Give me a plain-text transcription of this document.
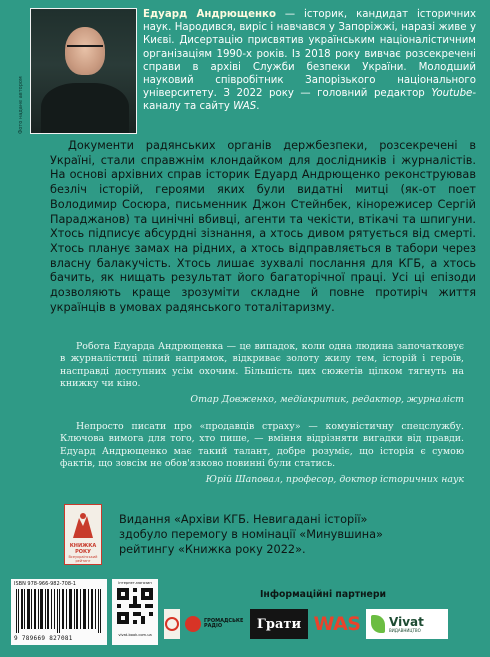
Фото надане автором
Едуард Андрющенко — історик, кандидат історичних наук. Народився, виріс і навчався у Запоріжжі, наразі живе у Києві. Дисертацію присвятив українським націоналістичним організаціям 1990-х років. Із 2018 року вивчає розсекречені справи в архіві Служби безпеки України. Молодший науковий співробітник Запорізького національного університету. З 2022 року — головний редактор Youtube-каналу та сайту WAS.

Документи радянських органів держбезпеки, розсекречені в Україні, стали справжнім клондайком для дослідників і журналістів. На основі архівних справ історик Едуард Андрющенко реконструював безліч історій, героями яких були видатні митці (як-от поет Володимир Сосюра, письменник Джон Стейнбек, кінорежисер Сергій Параджанов) та цинічні вбивці, агенти та чекісти, втікачі та шпигуни. Хтось підписує абсурдні зізнання, а хтось дивом рятується від смерті. Хтось планує замах на рідних, а хтось відправляється в табори через власну балакучість. Хтось лишає зухвалі послання для КГБ, а хтось бачить, як нищать результат його багаторічної праці. Усі ці епізоди дозволяють краще зрозуміти складне й повне протиріч життя українців в умовах радянського тоталітаризму.

Робота Едуарда Андрющенка — це випадок, коли одна людина започатковує в журналістиці цілий напрямок, відкриває золоту жилу тем, історій і героїв, насправді доступних усім охочим. Більшість цих сюжетів цілком тягнуть на книжку чи кіно.

Отар Довженко, медіакритик, редактор, журналіст

Непросто писати про «продавців страху» — комуністичну спецслужбу. Ключова вимога для того, хто пише, — вміння відрізняти вигадки від правди. Едуард Андрющенко має такий талант, добре розуміє, що історія є сумою фактів, що зовсім не обов'язково повинні були статись.

Юрій Шаповал, професор, доктор історичних наук
КНИЖКА РОКУ
Всеукраїнський рейтинг
Видання «Архіви КГБ. Невигадані історії» здобуло перемогу в номінації «Минувшина» рейтингу «Книжка року 2022».
ISBN 978-966-982-708-1
9 789669 827081
інтернет-магазин
vivat-book.com.ua
Інформаційні партнери
ГРОМАДСЬКЕ РАДІО	Грати WAS Vivat
ВИДАВНИЦТВО
